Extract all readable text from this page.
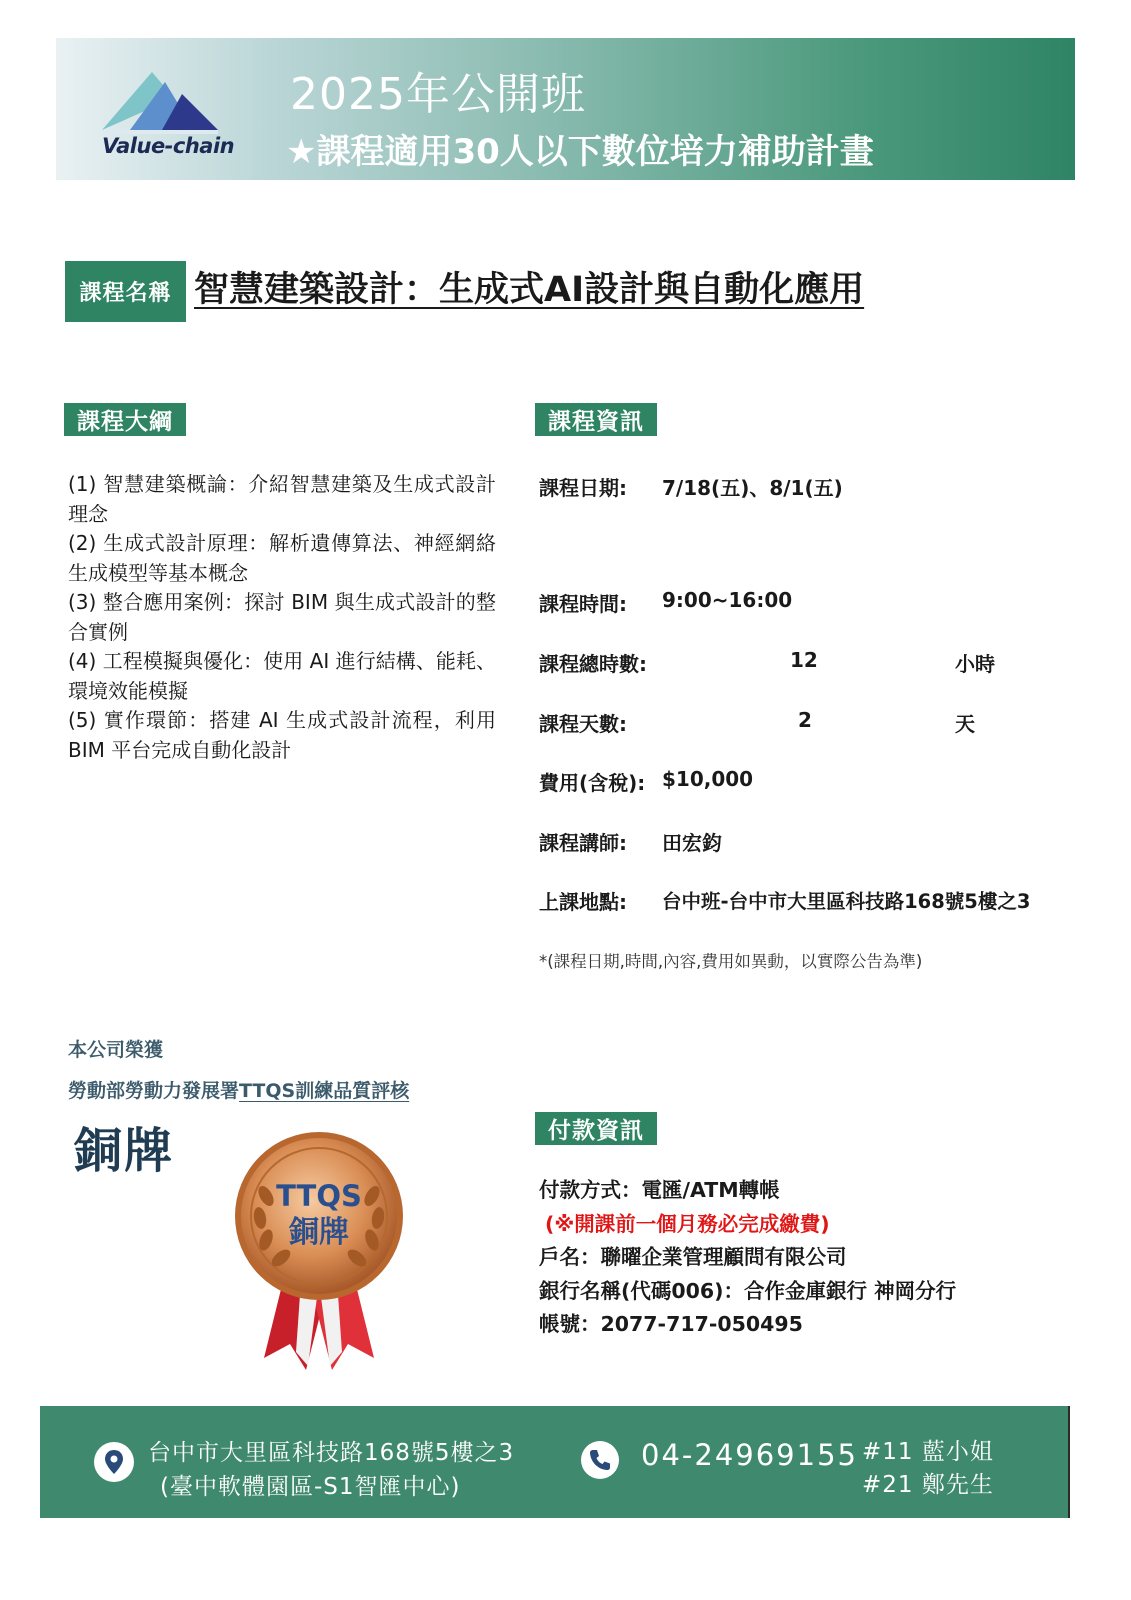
Value-chain
2025年公開班
★課程適用30人以下數位培力補助計畫
課程名稱 智慧建築設計：生成式AI設計與自動化應用
課程大綱
(1) 智慧建築概論：介紹智慧建築及生成式設計理念
(2) 生成式設計原理：解析遺傳算法、神經網絡生成模型等基本概念
(3) 整合應用案例：探討 BIM 與生成式設計的整合實例
(4) 工程模擬與優化：使用 AI 進行結構、能耗、環境效能模擬
(5) 實作環節：搭建 AI 生成式設計流程，利用 BIM 平台完成自動化設計
課程資訊
課程日期: 7/18(五)、8/1(五)
課程時間: 9:00~16:00
課程總時數:	12	小時
課程天數:	2	天
費用(含稅): $10,000
課程講師: 田宏鈞
上課地點: 台中班-台中市大里區科技路168號5樓之3
*(課程日期,時間,內容,費用如異動，以實際公告為準)
本公司榮獲
勞動部勞動力發展署TTQS訓練品質評核
銅牌
TTQS
銅牌
付款資訊
付款方式：電匯/ATM轉帳
(※開課前一個月務必完成繳費)
戶名：聯曜企業管理顧問有限公司
銀行名稱(代碼006)：合作金庫銀行 神岡分行
帳號：2077-717-050495
台中市大里區科技路168號5樓之3
(臺中軟體園區-S1智匯中心)
04-24969155 #11 藍小姐
#21 鄭先生
